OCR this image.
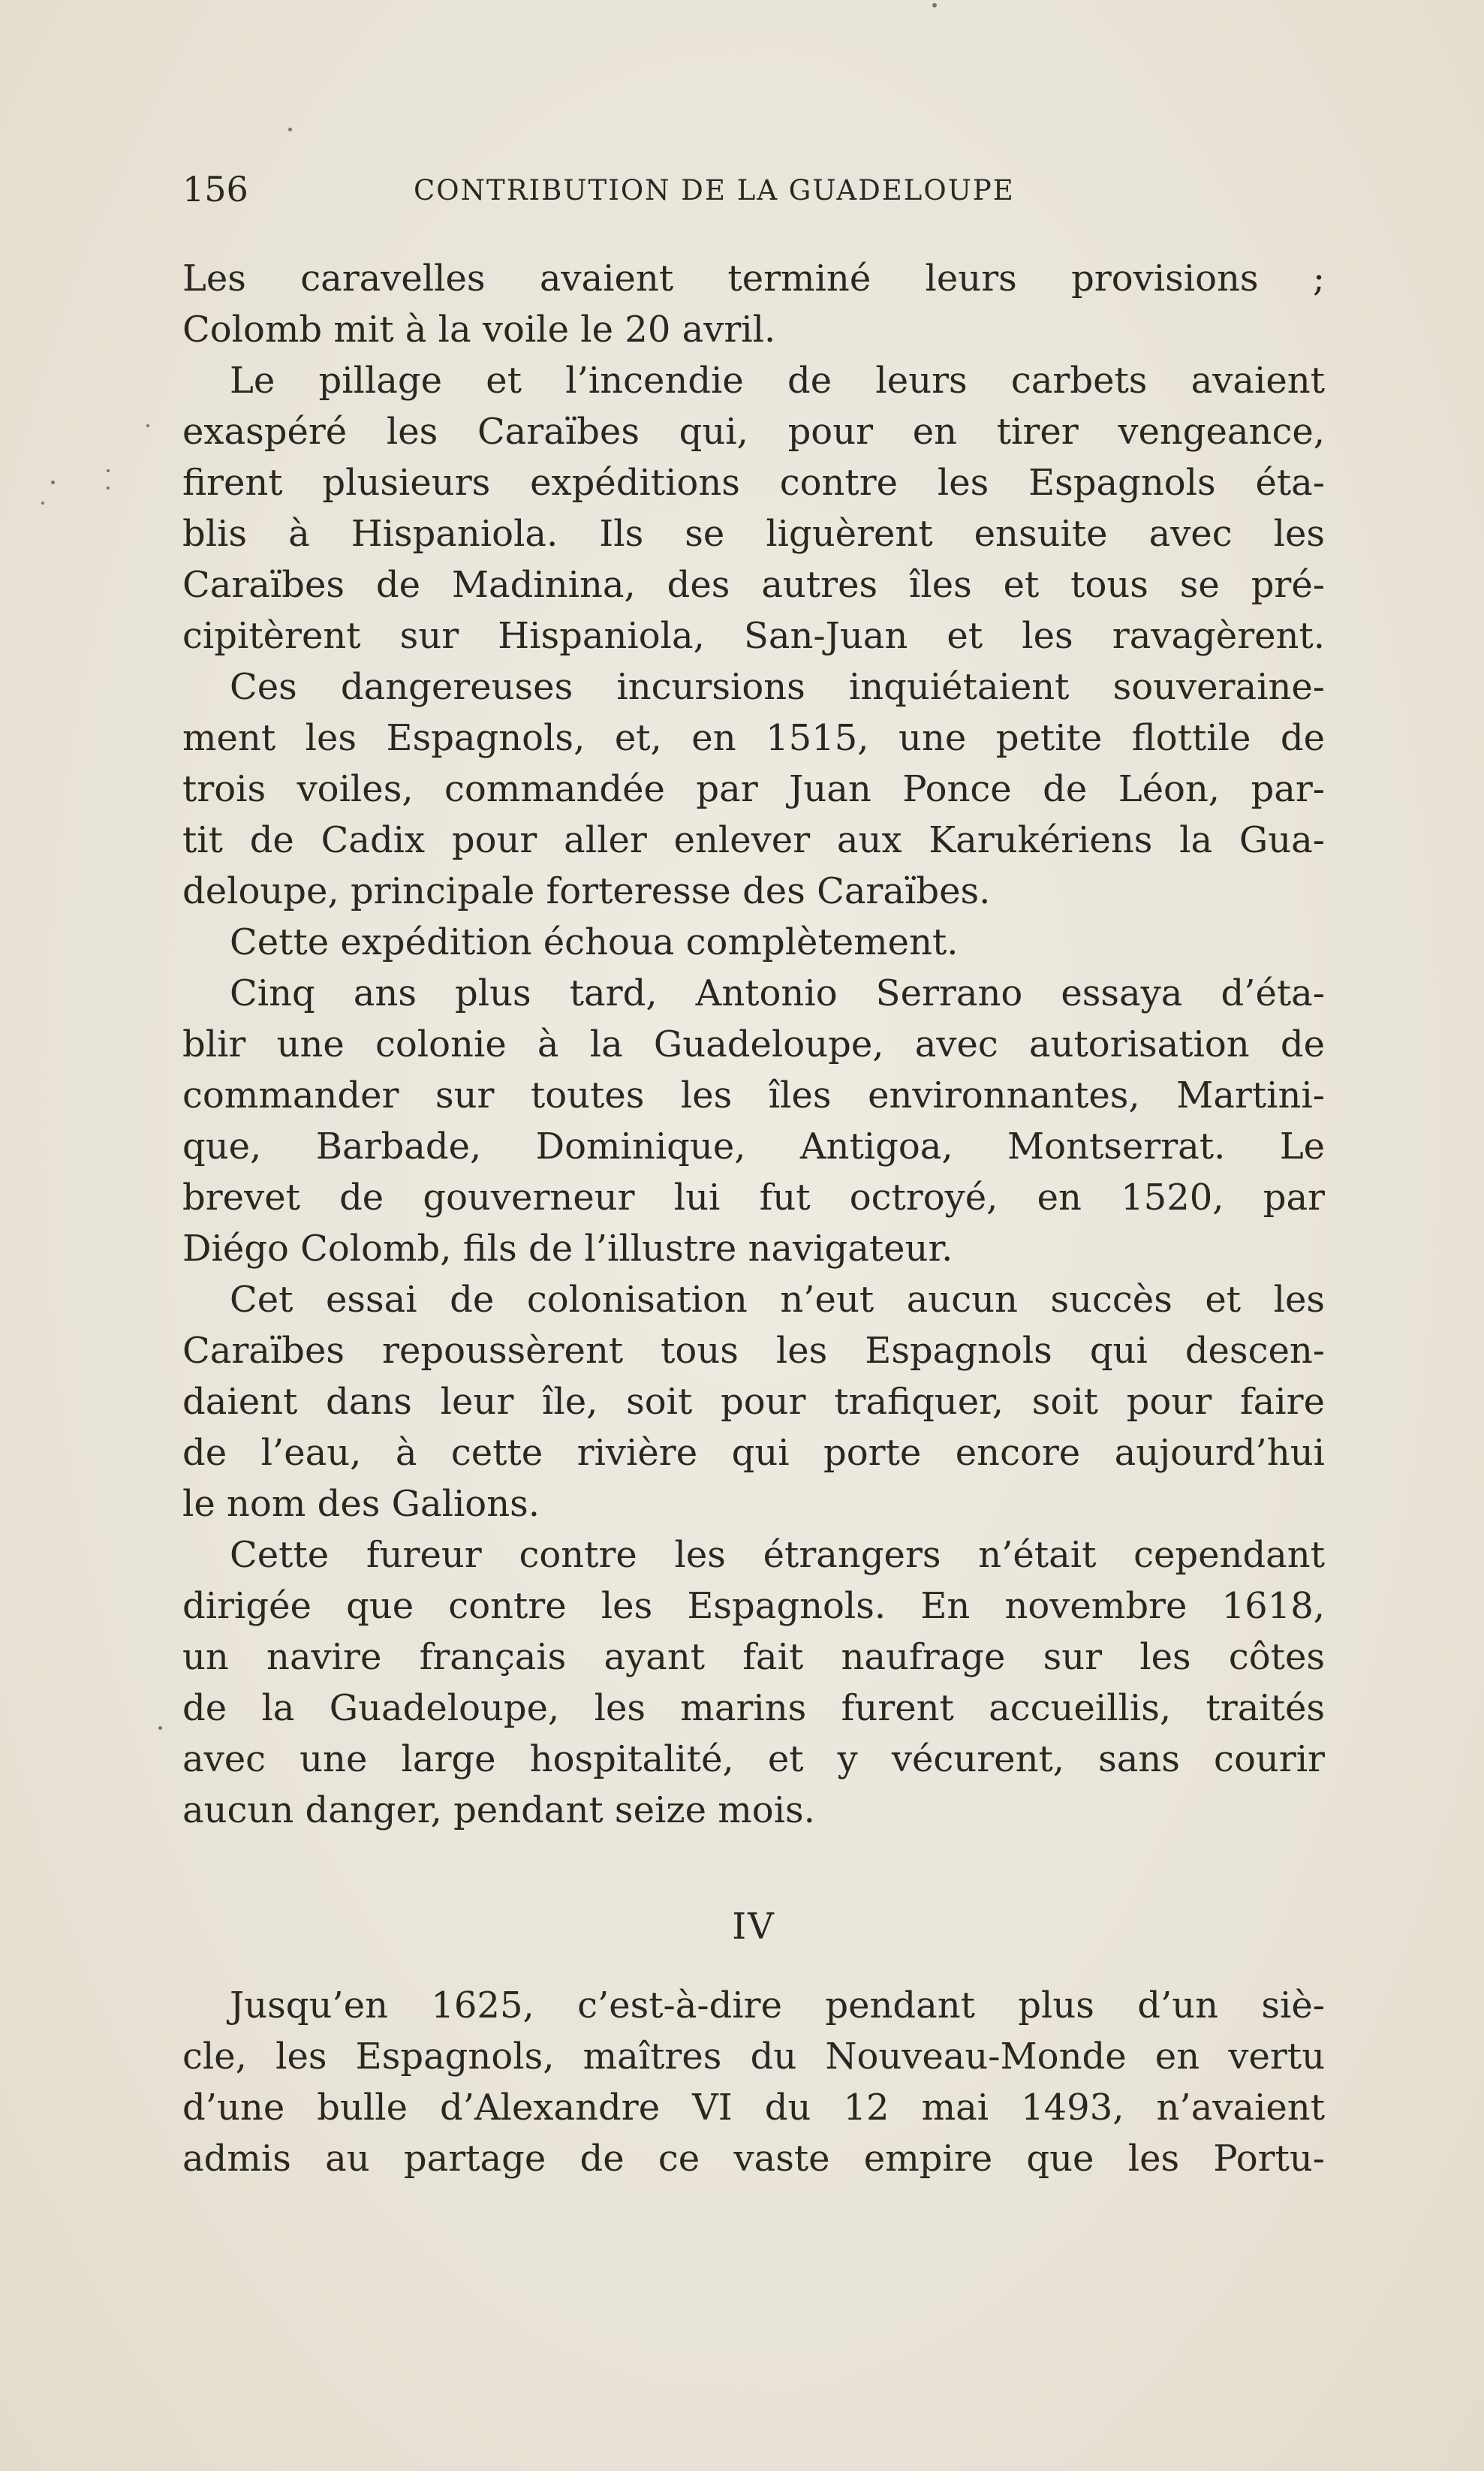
156	CONTRIBUTION DE LA GUADELOUPE
Les caravelles avaient terminé leurs provisions ;
Colomb mit à la voile le 20 avril.
Le pillage et l’incendie de leurs carbets avaient
exaspéré les Caraïbes qui, pour en tirer vengeance,
firent plusieurs expéditions contre les Espagnols éta-
blis à Hispaniola. Ils se liguèrent ensuite avec les
Caraïbes de Madinina, des autres îles et tous se pré-
cipitèrent sur Hispaniola, San-Juan et les ravagèrent.
Ces dangereuses incursions inquiétaient souveraine-
ment les Espagnols, et, en 1515, une petite flottile de
trois voiles, commandée par Juan Ponce de Léon, par-
tit de Cadix pour aller enlever aux Karukériens la Gua-
deloupe, principale forteresse des Caraïbes.
Cette expédition échoua complètement.
Cinq ans plus tard, Antonio Serrano essaya d’éta-
blir une colonie à la Guadeloupe, avec autorisation de
commander sur toutes les îles environnantes, Martini-
que, Barbade, Dominique, Antigoa, Montserrat. Le
brevet de gouverneur lui fut octroyé, en 1520, par
Diégo Colomb, fils de l’illustre navigateur.
Cet essai de colonisation n’eut aucun succès et les
Caraïbes repoussèrent tous les Espagnols qui descen-
daient dans leur île, soit pour trafiquer, soit pour faire
de l’eau, à cette rivière qui porte encore aujourd’hui
le nom des Galions.
Cette fureur contre les étrangers n’était cependant
dirigée que contre les Espagnols. En novembre 1618,
un navire français ayant fait naufrage sur les côtes
de la Guadeloupe, les marins furent accueillis, traités
avec une large hospitalité, et y vécurent, sans courir
aucun danger, pendant seize mois.
IV
Jusqu’en 1625, c’est-à-dire pendant plus d’un siè-
cle, les Espagnols, maîtres du Nouveau-Monde en vertu
d’une bulle d’Alexandre VI du 12 mai 1493, n’avaient
admis au partage de ce vaste empire que les Portu-
